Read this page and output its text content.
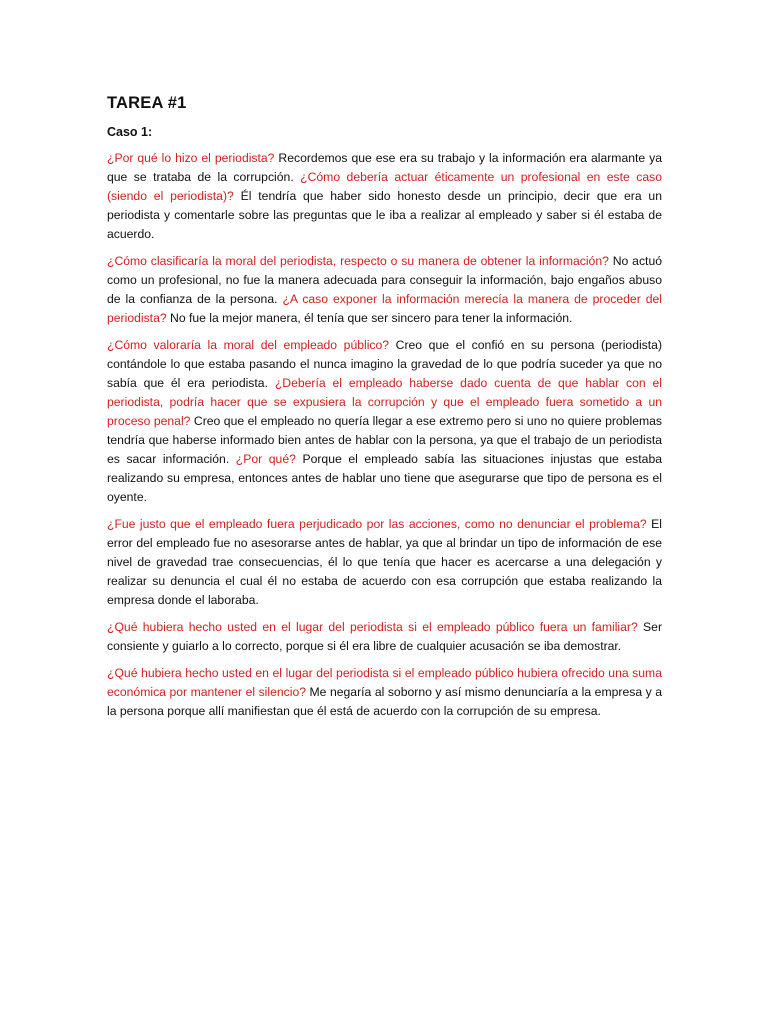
TAREA #1

Caso 1:

¿Por qué lo hizo el periodista? Recordemos que ese era su trabajo y la información era alarmante ya que se trataba de la corrupción. ¿Cómo debería actuar éticamente un profesional en este caso (siendo el periodista)? Él tendría que haber sido honesto desde un principio, decir que era un periodista y comentarle sobre las preguntas que le iba a realizar al empleado y saber si él estaba de acuerdo.

¿Cómo clasificaría la moral del periodista, respecto o su manera de obtener la información? No actuó como un profesional, no fue la manera adecuada para conseguir la información, bajo engaños abuso de la confianza de la persona. ¿A caso exponer la información merecía la manera de proceder del periodista? No fue la mejor manera, él tenía que ser sincero para tener la información.

¿Cómo valoraría la moral del empleado público? Creo que el confió en su persona (periodista) contándole lo que estaba pasando el nunca imagino la gravedad de lo que podría suceder ya que no sabía que él era periodista. ¿Debería el empleado haberse dado cuenta de que hablar con el periodista, podría hacer que se expusiera la corrupción y que el empleado fuera sometido a un proceso penal? Creo que el empleado no quería llegar a ese extremo pero si uno no quiere problemas tendría que haberse informado bien antes de hablar con la persona, ya que el trabajo de un periodista es sacar información. ¿Por qué? Porque el empleado sabía las situaciones injustas que estaba realizando su empresa, entonces antes de hablar uno tiene que asegurarse que tipo de persona es el oyente.

¿Fue justo que el empleado fuera perjudicado por las acciones, como no denunciar el problema? El error del empleado fue no asesorarse antes de hablar, ya que al brindar un tipo de información de ese nivel de gravedad trae consecuencias, él lo que tenía que hacer es acercarse a una delegación y realizar su denuncia el cual él no estaba de acuerdo con esa corrupción que estaba realizando la empresa donde el laboraba.

¿Qué hubiera hecho usted en el lugar del periodista si el empleado público fuera un familiar? Ser consiente y guiarlo a lo correcto, porque si él era libre de cualquier acusación se iba demostrar.

¿Qué hubiera hecho usted en el lugar del periodista si el empleado público hubiera ofrecido una suma económica por mantener el silencio? Me negaría al soborno y así mismo denunciaría a la empresa y a la persona porque allí manifiestan que él está de acuerdo con la corrupción de su empresa.
